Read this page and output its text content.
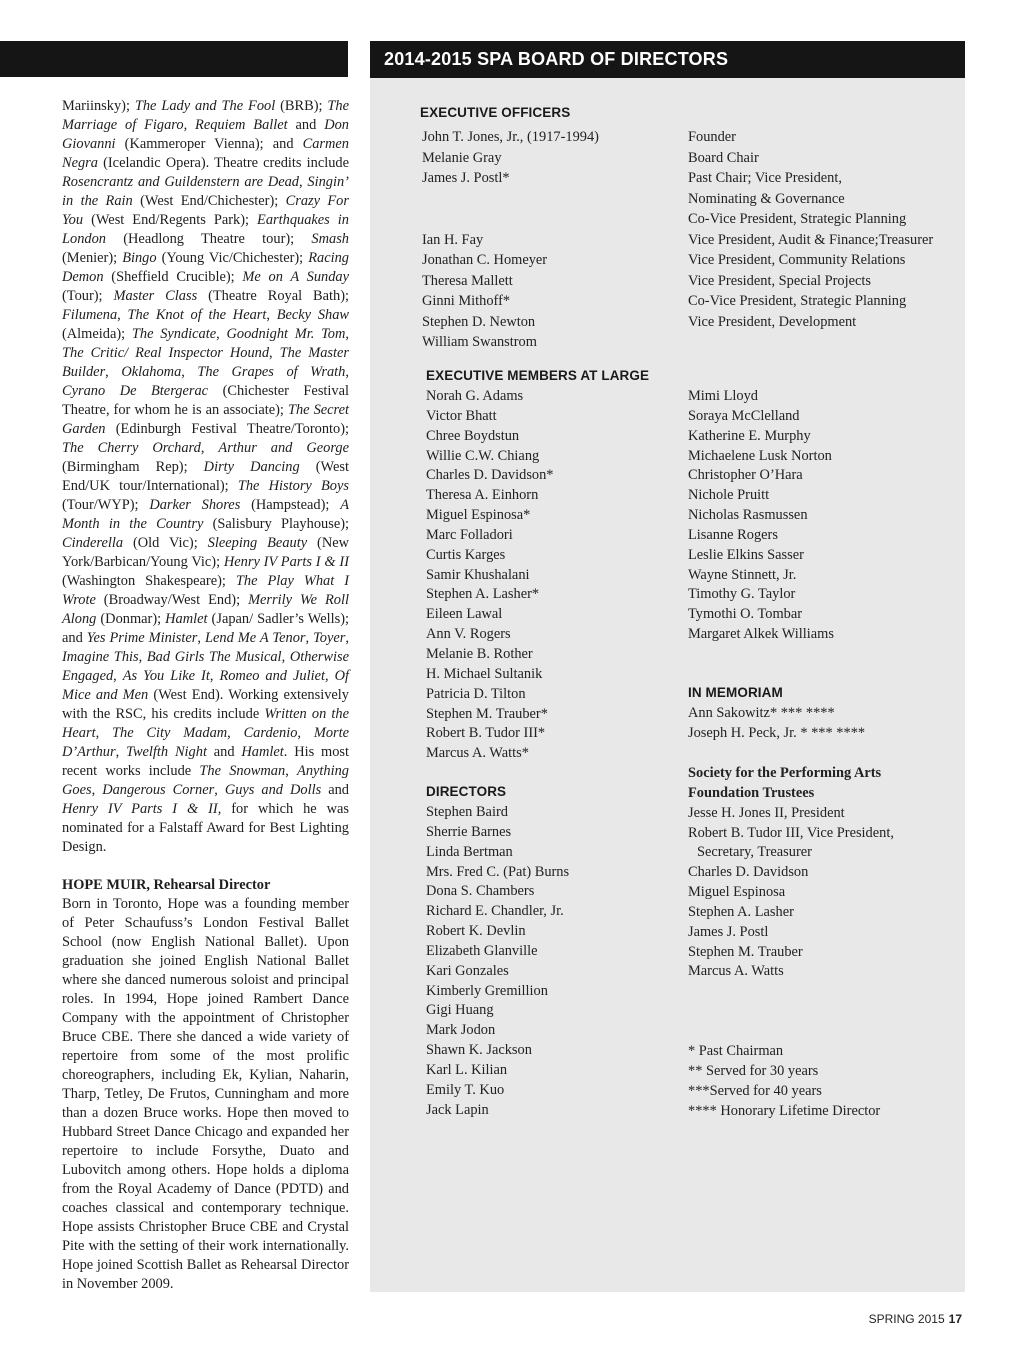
Mariinsky); The Lady and The Fool (BRB); The Marriage of Figaro, Requiem Ballet and Don Giovanni (Kammeroper Vienna); and Carmen Negra (Icelandic Opera). Theatre credits include Rosencrantz and Guildenstern are Dead, Singin’ in the Rain (West End/Chichester); Crazy For You (West End/Regents Park); Earthquakes in London (Headlong Theatre tour); Smash (Menier); Bingo (Young Vic/Chichester); Racing Demon (Sheffield Crucible); Me on A Sunday (Tour); Master Class (Theatre Royal Bath); Filumena, The Knot of the Heart, Becky Shaw (Almeida); The Syndicate, Goodnight Mr. Tom, The Critic/ Real Inspector Hound, The Master Builder, Oklahoma, The Grapes of Wrath, Cyrano De Btergerac (Chichester Festival Theatre, for whom he is an associate); The Secret Garden (Edinburgh Festival Theatre/Toronto); The Cherry Orchard, Arthur and George (Birmingham Rep); Dirty Dancing (West End/UK tour/International); The History Boys (Tour/WYP); Darker Shores (Hampstead); A Month in the Country (Salisbury Playhouse); Cinderella (Old Vic); Sleeping Beauty (New York/Barbican/Young Vic); Henry IV Parts I & II (Washington Shakespeare); The Play What I Wrote (Broadway/West End); Merrily We Roll Along (Donmar); Hamlet (Japan/ Sadler’s Wells); and Yes Prime Minister, Lend Me A Tenor, Toyer, Imagine This, Bad Girls The Musical, Otherwise Engaged, As You Like It, Romeo and Juliet, Of Mice and Men (West End). Working extensively with the RSC, his credits include Written on the Heart, The City Madam, Cardenio, Morte D’Arthur, Twelfth Night and Hamlet. His most recent works include The Snowman, Anything Goes, Dangerous Corner, Guys and Dolls and Henry IV Parts I & II, for which he was nominated for a Falstaff Award for Best Lighting Design.

HOPE MUIR, Rehearsal Director

Born in Toronto, Hope was a founding member of Peter Schaufuss’s London Festival Ballet School (now English National Ballet). Upon graduation she joined English National Ballet where she danced numerous soloist and principal roles. In 1994, Hope joined Rambert Dance Company with the appointment of Christopher Bruce CBE. There she danced a wide variety of repertoire from some of the most prolific choreographers, including Ek, Kylian, Naharin, Tharp, Tetley, De Frutos, Cunningham and more than a dozen Bruce works. Hope then moved to Hubbard Street Dance Chicago and expanded her repertoire to include Forsythe, Duato and Lubovitch among others. Hope holds a diploma from the Royal Academy of Dance (PDTD) and coaches classical and contemporary technique. Hope assists Christopher Bruce CBE and Crystal Pite with the setting of their work internationally. Hope joined Scottish Ballet as Rehearsal Director in November 2009.

2014-2015 SPA BOARD OF DIRECTORS
EXECUTIVE OFFICERS
John T. Jones, Jr., (1917-1994)
Melanie Gray
James J. Postl*
Ian H. Fay
Jonathan C. Homeyer
Theresa Mallett
Ginni Mithoff*
Stephen D. Newton
William Swanstrom
Founder
Board Chair
Past Chair; Vice President,
Nominating & Governance
Co-Vice President, Strategic Planning
Vice President, Audit & Finance;Treasurer
Vice President, Community Relations
Vice President, Special Projects
Co-Vice President, Strategic Planning
Vice President, Development
EXECUTIVE MEMBERS AT LARGE
Norah G. Adams
Victor Bhatt
Chree Boydstun
Willie C.W. Chiang
Charles D. Davidson*
Theresa A. Einhorn
Miguel Espinosa*
Marc Folladori
Curtis Karges
Samir Khushalani
Stephen A. Lasher*
Eileen Lawal
Ann V. Rogers
Melanie B. Rother
H. Michael Sultanik
Patricia D. Tilton
Stephen M. Trauber*
Robert B. Tudor III*
Marcus A. Watts*
Mimi Lloyd
Soraya McClelland
Katherine E. Murphy
Michaelene Lusk Norton
Christopher O’Hara
Nichole Pruitt
Nicholas Rasmussen
Lisanne Rogers
Leslie Elkins Sasser
Wayne Stinnett, Jr.
Timothy G. Taylor
Tymothi O. Tombar
Margaret Alkek Williams
IN MEMORIAM
Ann Sakowitz* *** ****
Joseph H. Peck, Jr. * *** ****
Society for the Performing Arts
Foundation Trustees
Jesse H. Jones II, President
Robert B. Tudor III, Vice President,
Secretary, Treasurer
Charles D. Davidson
Miguel Espinosa
Stephen A. Lasher
James J. Postl
Stephen M. Trauber
Marcus A. Watts
DIRECTORS
Stephen Baird
Sherrie Barnes
Linda Bertman
Mrs. Fred C. (Pat) Burns
Dona S. Chambers
Richard E. Chandler, Jr.
Robert K. Devlin
Elizabeth Glanville
Kari Gonzales
Kimberly Gremillion
Gigi Huang
Mark Jodon
Shawn K. Jackson
Karl L. Kilian
Emily T. Kuo
Jack Lapin
* Past Chairman
** Served for 30 years
***Served for 40 years
**** Honorary Lifetime Director
SPRING 2015 17
